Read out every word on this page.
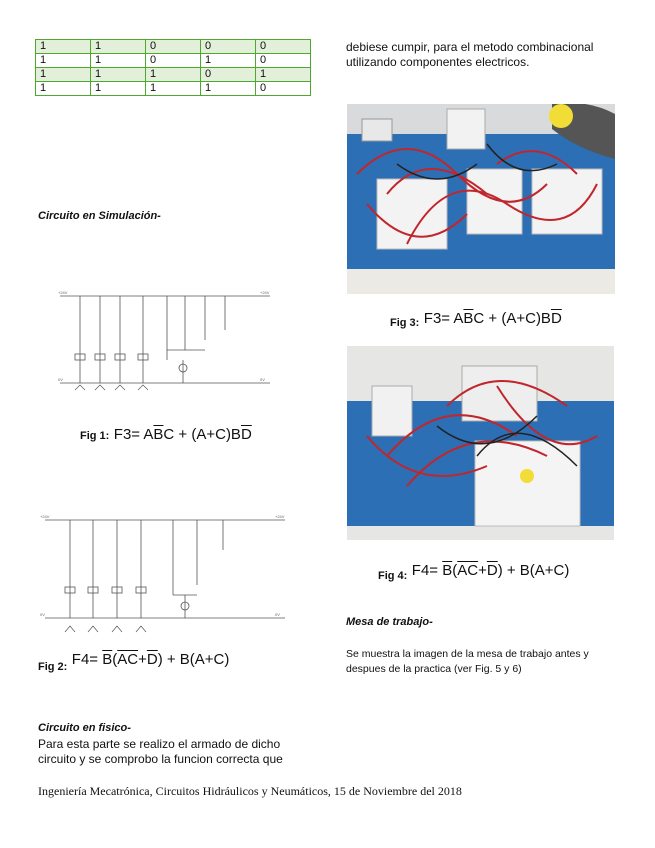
1	1	0	0	0
1	1	0	1	0
1	1	1	0	1
1	1	1	1	0
debiese cumpir, para el metodo combinacional
utilizando componentes electricos.
Circuito en Simulación-
+24V	+24V
0V	0V
Fig 1: $F3= A\overline{B}C + (A+C)B\overline{D}$
+24V	+24V
0V	0V
$_{Fig 2:}$ $F4= \overline{B}(\overline{AC}+\overline{D}) + B(A+C)$
Circuito en fisico-
Para esta parte se realizo el armado de dicho
circuito y se comprobo la funcion correcta que
Fig 3: $F3= A\overline{B}C + (A+C)B\overline{D}$
$_{Fig 4:}$ $F4= \overline{B}(\overline{AC}+\overline{D}) + B(A+C)$
Mesa de trabajo-
Se muestra la imagen de la mesa de trabajo antes y
despues de la practica (ver Fig. 5 y 6)
Ingeniería Mecatrónica, Circuitos Hidráulicos y Neumáticos, 15 de Noviembre del 2018
